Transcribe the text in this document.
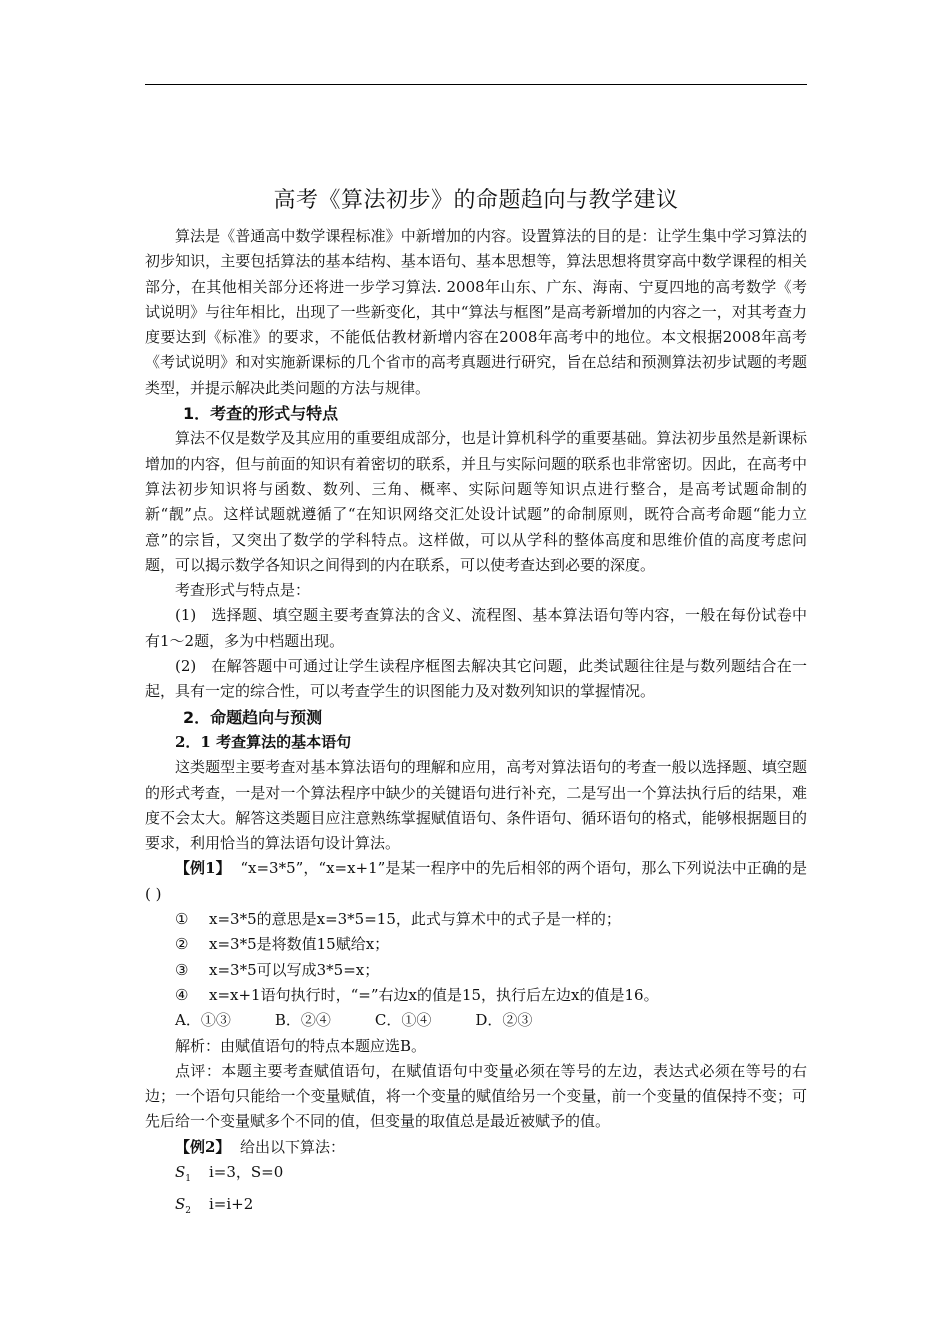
高考《算法初步》的命题趋向与教学建议

算法是《普通高中数学课程标准》中新增加的内容。设置算法的目的是：让学生集中学习算法的初步知识，主要包括算法的基本结构、基本语句、基本思想等，算法思想将贯穿高中数学课程的相关部分，在其他相关部分还将进一步学习算法. 2008年山东、广东、海南、宁夏四地的高考数学《考试说明》与往年相比，出现了一些新变化，其中“算法与框图”是高考新增加的内容之一，对其考查力度要达到《标准》的要求，不能低估教材新增内容在2008年高考中的地位。本文根据2008年高考《考试说明》和对实施新课标的几个省市的高考真题进行研究，旨在总结和预测算法初步试题的考题类型，并提示解决此类问题的方法与规律。

1．考查的形式与特点

算法不仅是数学及其应用的重要组成部分，也是计算机科学的重要基础。算法初步虽然是新课标增加的内容，但与前面的知识有着密切的联系，并且与实际问题的联系也非常密切。因此，在高考中算法初步知识将与函数、数列、三角、概率、实际问题等知识点进行整合，是高考试题命制的新“靓”点。这样试题就遵循了“在知识网络交汇处设计试题”的命制原则，既符合高考命题“能力立意”的宗旨，又突出了数学的学科特点。这样做，可以从学科的整体高度和思维价值的高度考虑问题，可以揭示数学各知识之间得到的内在联系，可以使考查达到必要的深度。

考查形式与特点是：

(1) 选择题、填空题主要考查算法的含义、流程图、基本算法语句等内容，一般在每份试卷中有1～2题，多为中档题出现。

(2) 在解答题中可通过让学生读程序框图去解决其它问题，此类试题往往是与数列题结合在一起，具有一定的综合性，可以考查学生的识图能力及对数列知识的掌握情况。

2．命题趋向与预测
2．1 考查算法的基本语句

这类题型主要考查对基本算法语句的理解和应用，高考对算法语句的考查一般以选择题、填空题的形式考查，一是对一个算法程序中缺少的关键语句进行补充，二是写出一个算法执行后的结果，难度不会太大。解答这类题目应注意熟练掌握赋值语句、条件语句、循环语句的格式，能够根据题目的要求，利用恰当的算法语句设计算法。

【例1】 “x=3*5”，“x=x+1”是某一程序中的先后相邻的两个语句，那么下列说法中正确的是( )

① x=3*5的意思是x=3*5=15，此式与算术中的式子是一样的；
② x=3*5是将数值15赋给x；
③ x=3*5可以写成3*5=x；
④ x=x+1语句执行时，“=”右边x的值是15，执行后左边x的值是16。
A．①③	B．②④	C．①④	D．②③

解析：由赋值语句的特点本题应选B。

点评：本题主要考查赋值语句，在赋值语句中变量必须在等号的左边，表达式必须在等号的右边；一个语句只能给一个变量赋值，将一个变量的赋值给另一个变量，前一个变量的值保持不变；可先后给一个变量赋多个不同的值，但变量的取值总是最近被赋予的值。

【例2】 给出以下算法：

$S_1$ i=3，S=0
$S_2$ i=i+2
